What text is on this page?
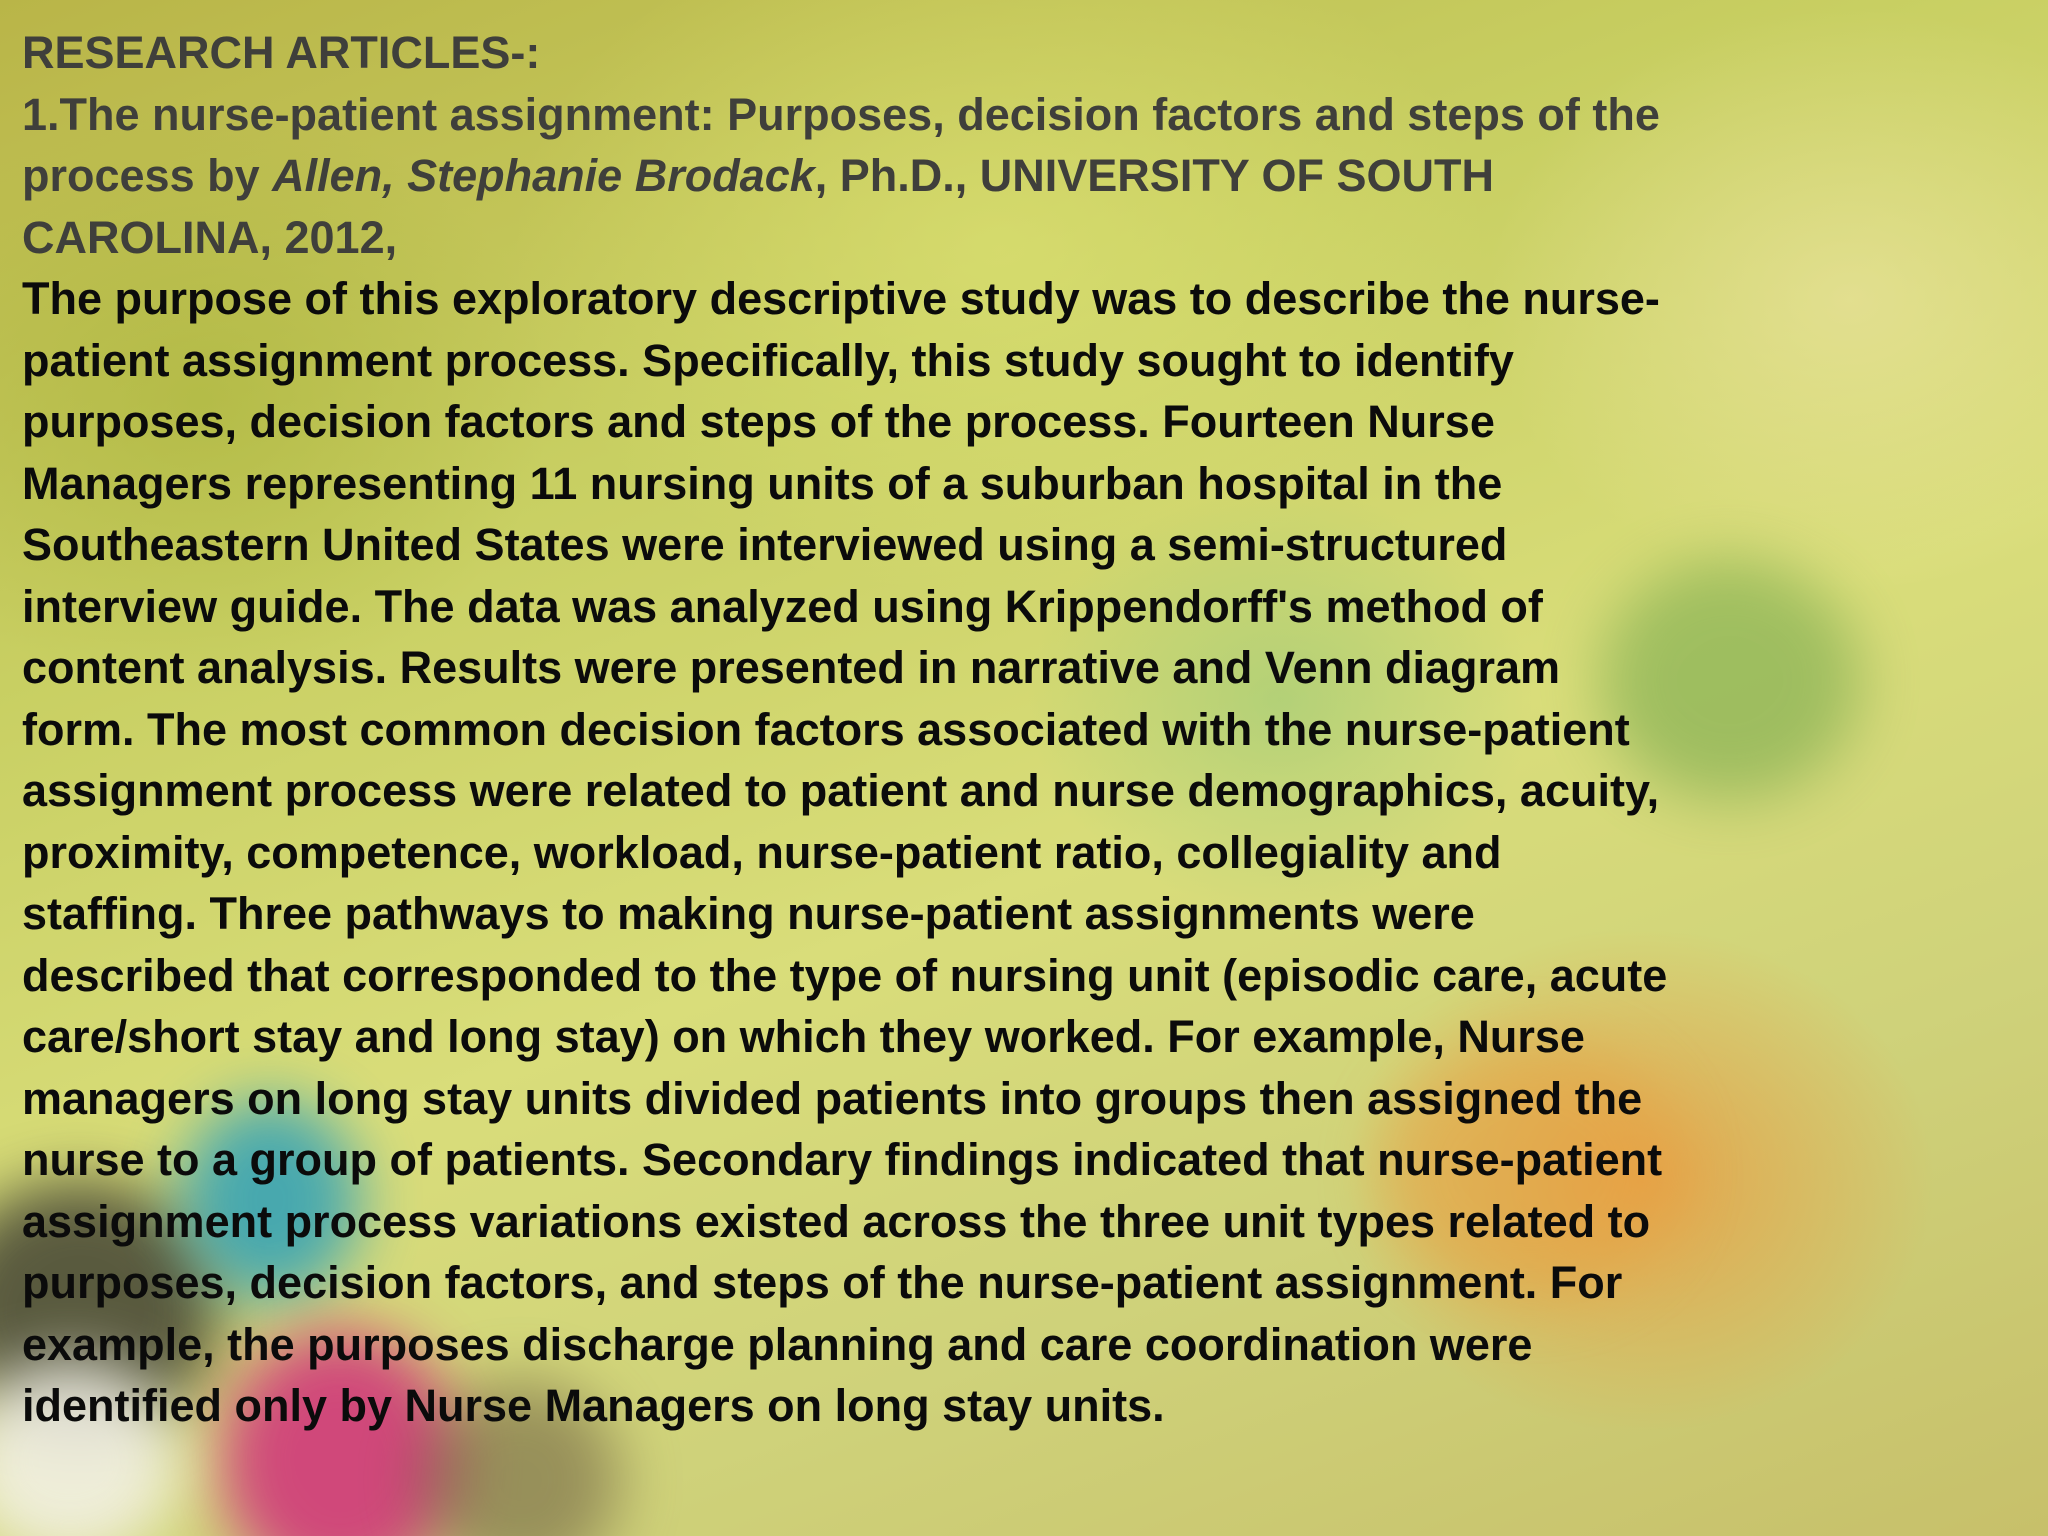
RESEARCH ARTICLES-:
1.The nurse-patient assignment: Purposes, decision factors and steps of the
process by Allen, Stephanie Brodack, Ph.D., UNIVERSITY OF SOUTH
CAROLINA, 2012,
The purpose of this exploratory descriptive study was to describe the nurse-
patient assignment process. Specifically, this study sought to identify
purposes, decision factors and steps of the process. Fourteen Nurse
Managers representing 11 nursing units of a suburban hospital in the
Southeastern United States were interviewed using a semi-structured
interview guide. The data was analyzed using Krippendorff's method of
content analysis. Results were presented in narrative and Venn diagram
form. The most common decision factors associated with the nurse-patient
assignment process were related to patient and nurse demographics, acuity,
proximity, competence, workload, nurse-patient ratio, collegiality and
staffing. Three pathways to making nurse-patient assignments were
described that corresponded to the type of nursing unit (episodic care, acute
care/short stay and long stay) on which they worked. For example, Nurse
managers on long stay units divided patients into groups then assigned the
nurse to a group of patients. Secondary findings indicated that nurse-patient
assignment process variations existed across the three unit types related to
purposes, decision factors, and steps of the nurse-patient assignment. For
example, the purposes discharge planning and care coordination were
identified only by Nurse Managers on long stay units.
